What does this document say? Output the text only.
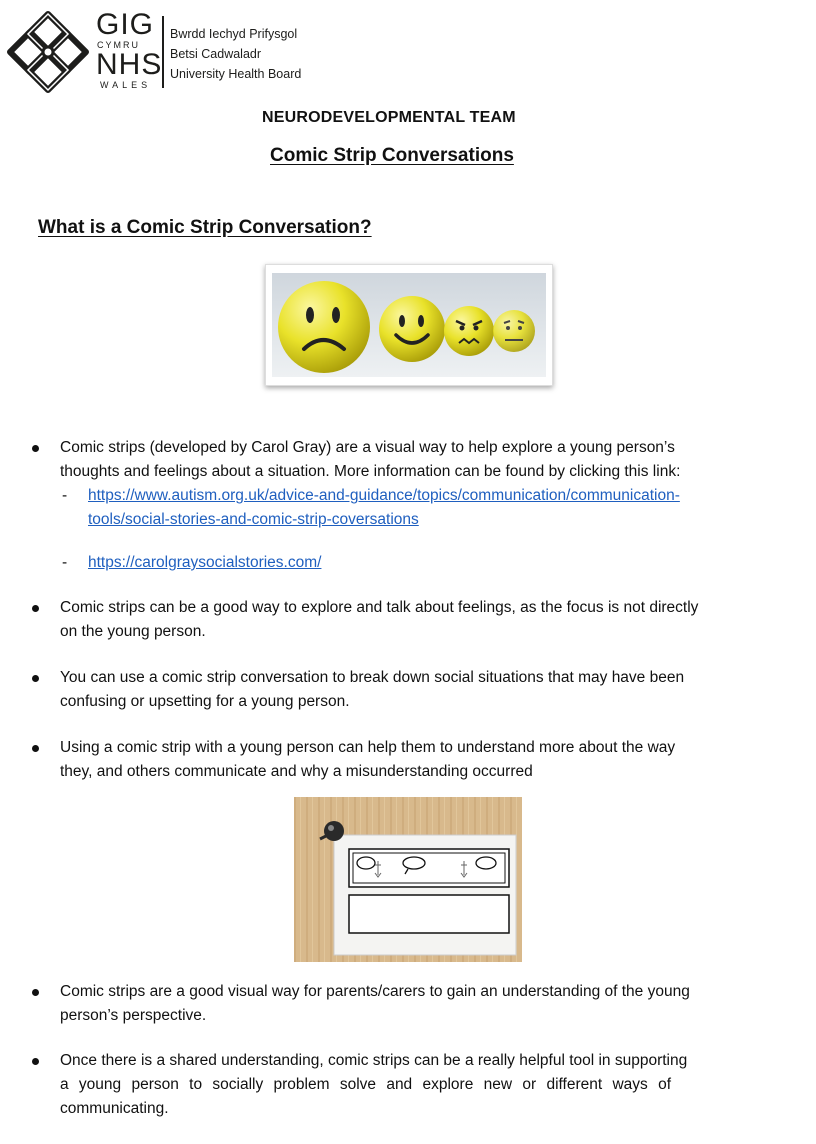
GIG
CYMRU
NHS
WALES
Bwrdd Iechyd Prifysgol
Betsi Cadwaladr
University Health Board
NEURODEVELOPMENTAL TEAM
Comic Strip Conversations
What is a Comic Strip Conversation?
Comic strips (developed by Carol Gray) are a visual way to help explore a young person’s
thoughts and feelings about a situation. More information can be found by clicking this link:
- https://www.autism.org.uk/advice-and-guidance/topics/communication/communication-
tools/social-stories-and-comic-strip-coversations
- https://carolgraysocialstories.com/
Comic strips can be a good way to explore and talk about feelings, as the focus is not directly
on the young person.
You can use a comic strip conversation to break down social situations that may have been
confusing or upsetting for a young person.
Using a comic strip with a young person can help them to understand more about the way
they, and others communicate and why a misunderstanding occurred
Comic strips are a good visual way for parents/carers to gain an understanding of the young
person’s perspective.
Once there is a shared understanding, comic strips can be a really helpful tool in supporting
a young person to socially problem solve and explore new or different ways of
communicating.
